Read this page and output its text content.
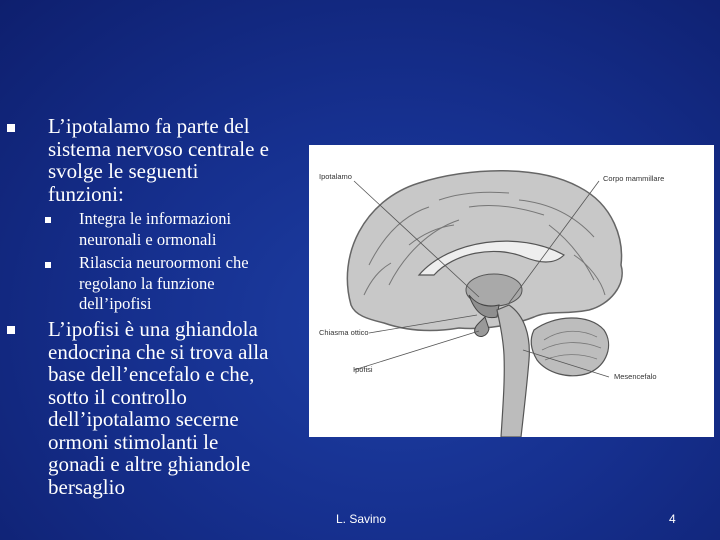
L’ipotalamo fa parte del
sistema nervoso centrale e
svolge le seguenti
funzioni:
Integra le informazioni
neuronali e ormonali
Rilascia neuroormoni che
regolano la funzione
dell’ipofisi
L’ipofisi è una ghiandola
endocrina che si trova alla
base dell’encefalo e che,
sotto il controllo
dell’ipotalamo secerne
ormoni stimolanti le
gonadi e altre ghiandole
bersaglio
Ipotalamo	Corpo mammillare
Chiasma ottico
Ipofisi
Mesencefalo
L. Savino	4
